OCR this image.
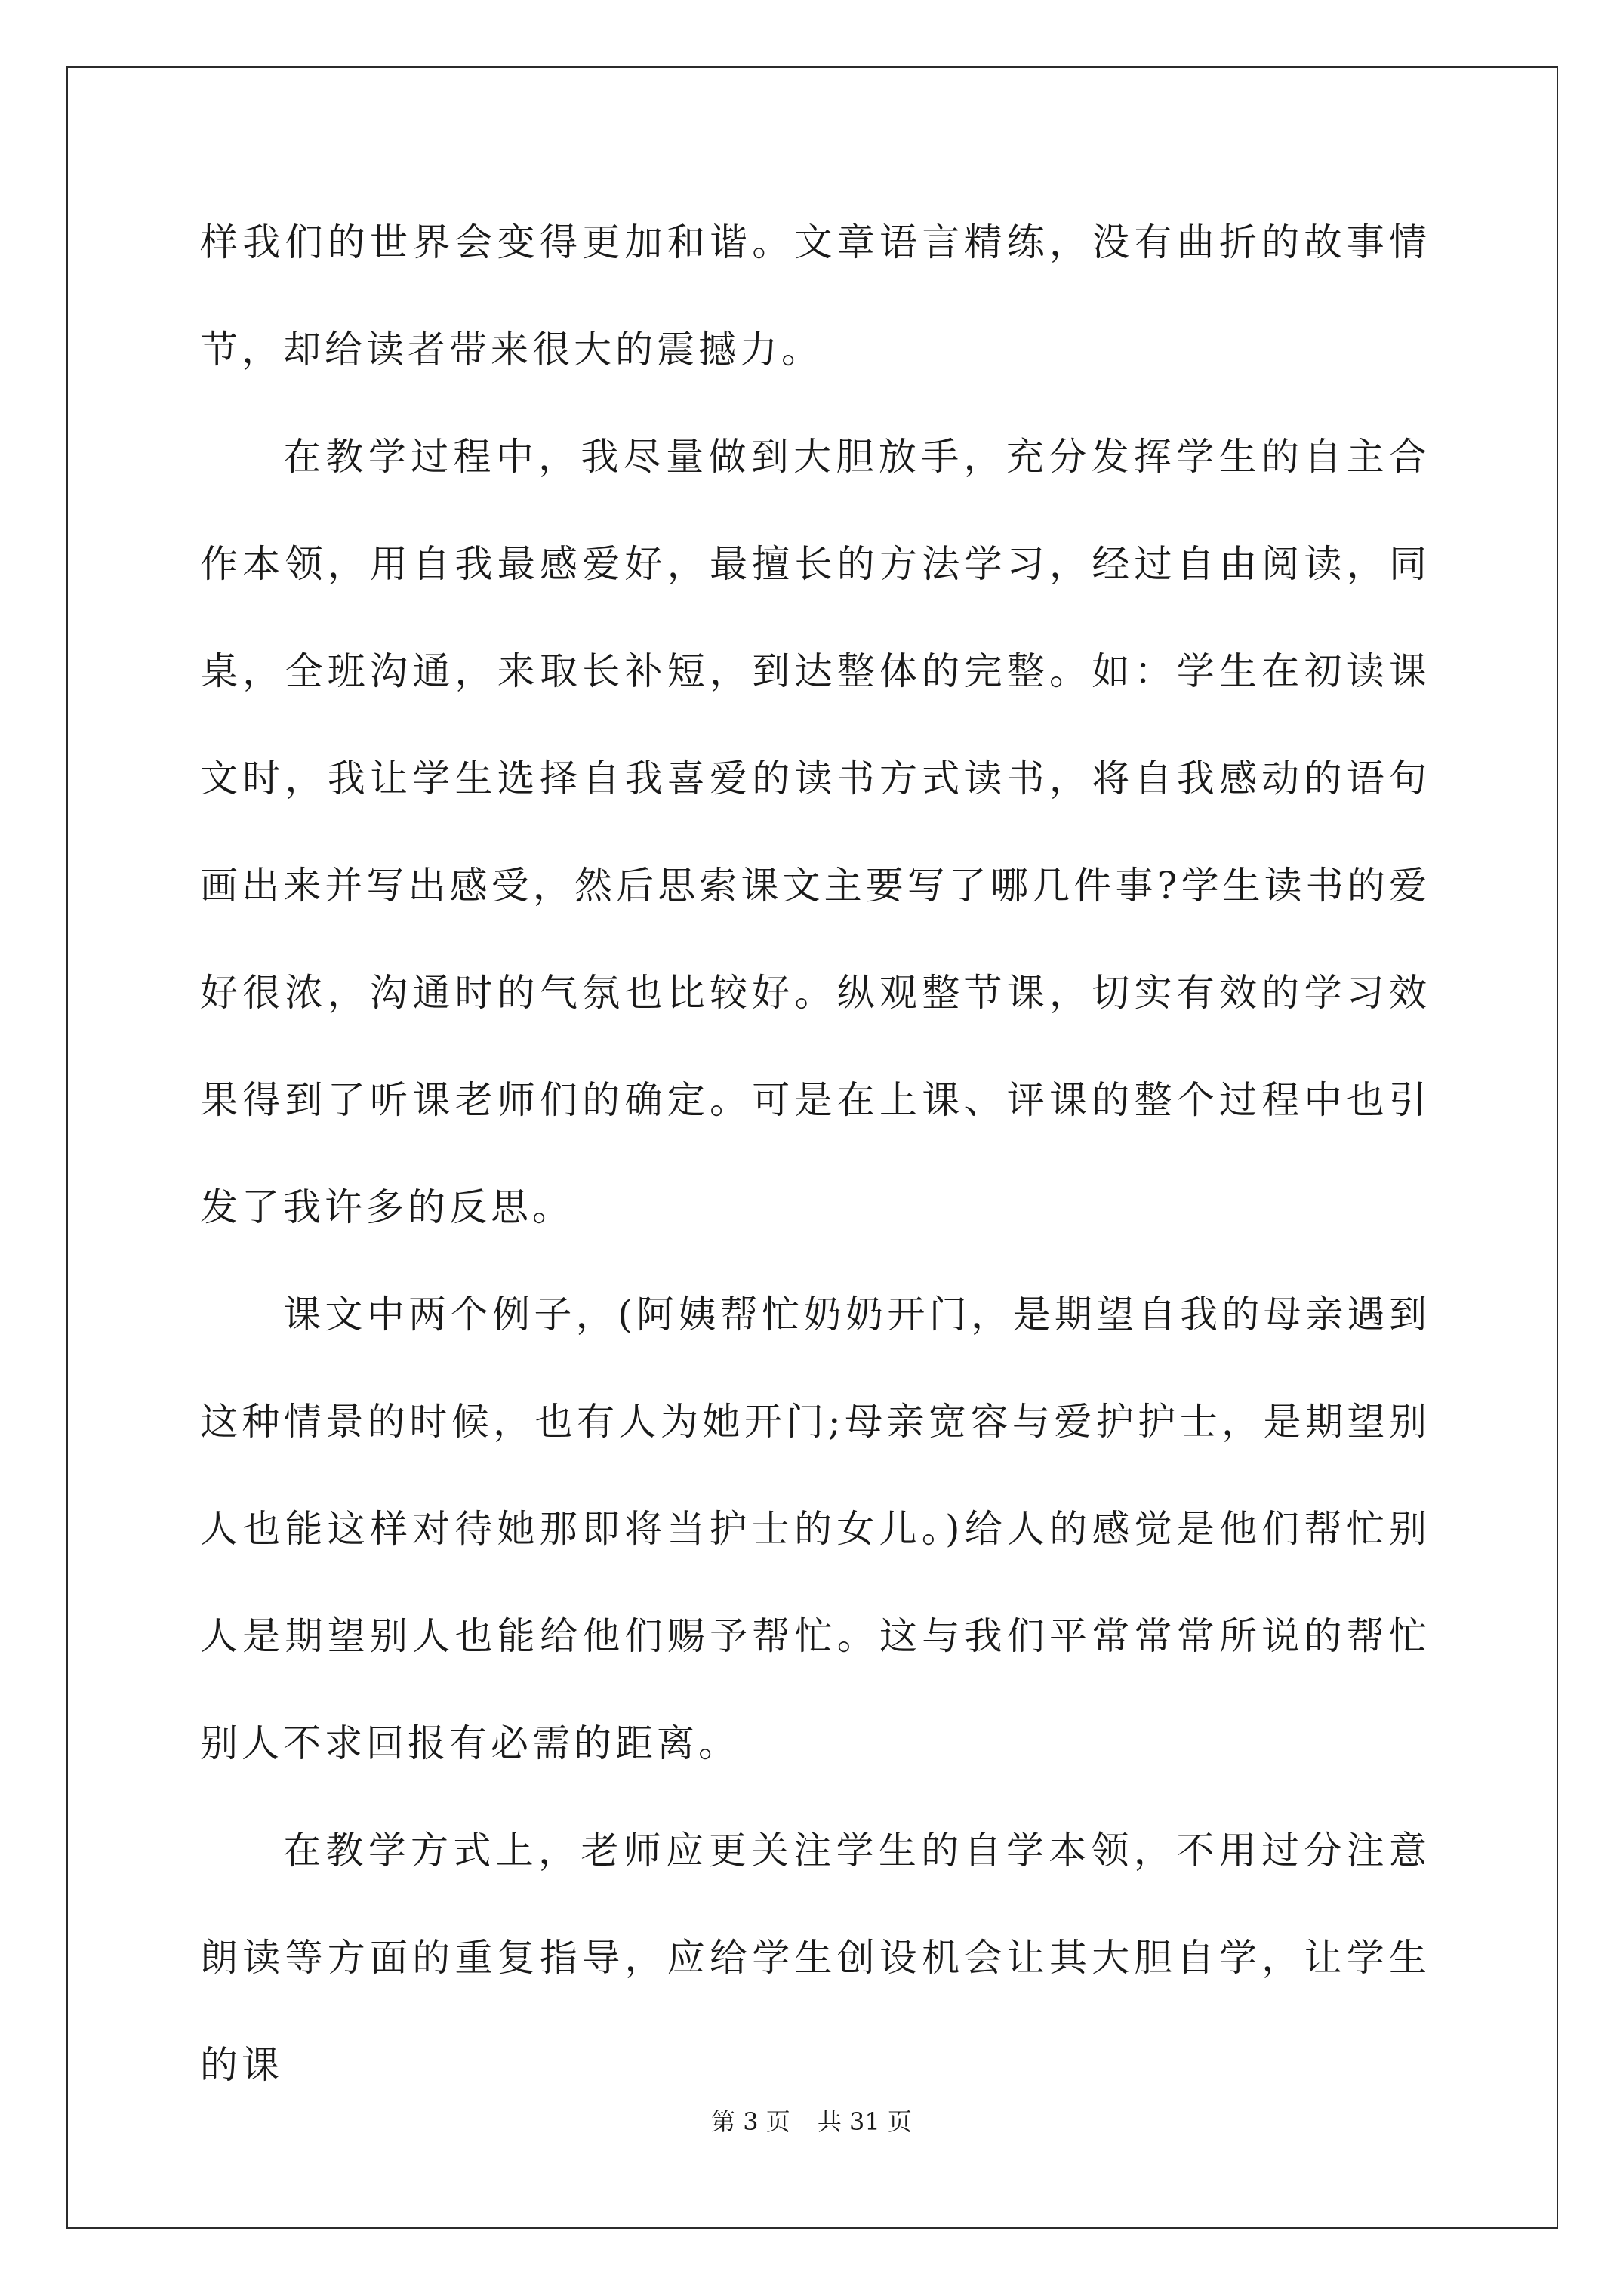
样我们的世界会变得更加和谐。文章语言精练，没有曲折的故事情节，却给读者带来很大的震撼力。

在教学过程中，我尽量做到大胆放手，充分发挥学生的自主合作本领，用自我最感爱好，最擅长的方法学习，经过自由阅读，同桌，全班沟通，来取长补短，到达整体的完整。如：学生在初读课文时，我让学生选择自我喜爱的读书方式读书，将自我感动的语句画出来并写出感受，然后思索课文主要写了哪几件事?学生读书的爱好很浓，沟通时的气氛也比较好。纵观整节课，切实有效的学习效果得到了听课老师们的确定。可是在上课、评课的整个过程中也引发了我许多的反思。

课文中两个例子，(阿姨帮忙奶奶开门，是期望自我的母亲遇到这种情景的时候，也有人为她开门;母亲宽容与爱护护士，是期望别人也能这样对待她那即将当护士的女儿。)给人的感觉是他们帮忙别人是期望别人也能给他们赐予帮忙。这与我们平常常常所说的帮忙别人不求回报有必需的距离。

在教学方式上，老师应更关注学生的自学本领，不用过分注意朗读等方面的重复指导，应给学生创设机会让其大胆自学，让学生的课

第 3 页 共 31 页
